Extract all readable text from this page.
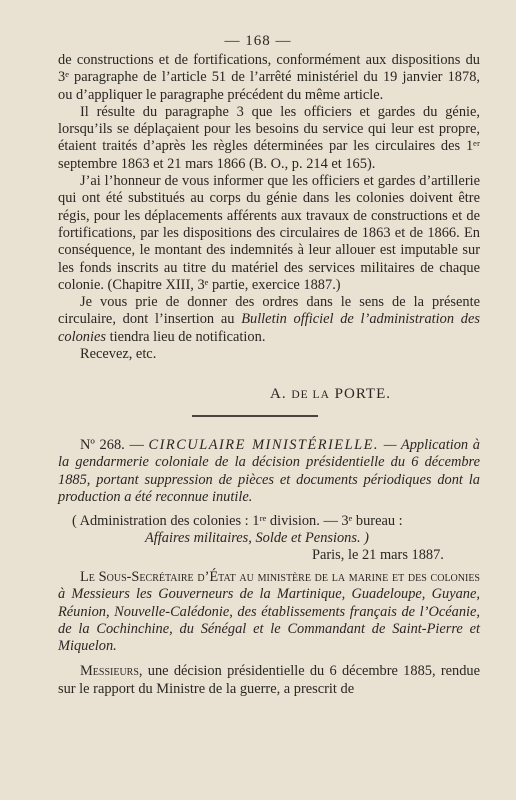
— 168 —

de constructions et de fortifications, conformément aux dispositions du 3ᵉ paragraphe de l’article 51 de l’arrêté ministériel du 19 janvier 1878, ou d’appliquer le paragraphe précédent du même article.

Il résulte du paragraphe 3 que les officiers et gardes du génie, lorsqu’ils se déplaçaient pour les besoins du service qui leur est propre, étaient traités d’après les règles déterminées par les circulaires des 1ᵉʳ septembre 1863 et 21 mars 1866 (B. O., p. 214 et 165).

J’ai l’honneur de vous informer que les officiers et gardes d’artillerie qui ont été substitués au corps du génie dans les colonies doivent être régis, pour les déplacements afférents aux travaux de constructions et de fortifications, par les dispositions des circulaires de 1863 et de 1866. En conséquence, le montant des indemnités à leur allouer est imputable sur les fonds inscrits au titre du matériel des services militaires de chaque colonie. (Chapitre XIII, 3ᵉ partie, exercice 1887.)

Je vous prie de donner des ordres dans le sens de la présente circulaire, dont l’insertion au Bulletin officiel de l’administration des colonies tiendra lieu de notification.

Recevez, etc.

A. DE LA PORTE.

Nº 268. — CIRCULAIRE MINISTÉRIELLE. — Application à la gendarmerie coloniale de la décision présidentielle du 6 décembre 1885, portant suppression de pièces et documents périodiques dont la production a été reconnue inutile.

( Administration des colonies : 1ʳᵉ division. — 3ᵉ bureau :
Affaires militaires, Solde et Pensions. )
Paris, le 21 mars 1887.

Le Sous-Secrétaire d’État au ministère de la marine et des colonies à Messieurs les Gouverneurs de la Martinique, Guadeloupe, Guyane, Réunion, Nouvelle-Calédonie, des établissements français de l’Océanie, de la Cochinchine, du Sénégal et le Commandant de Saint-Pierre et Miquelon.

Messieurs, une décision présidentielle du 6 décembre 1885, rendue sur le rapport du Ministre de la guerre, a prescrit de
